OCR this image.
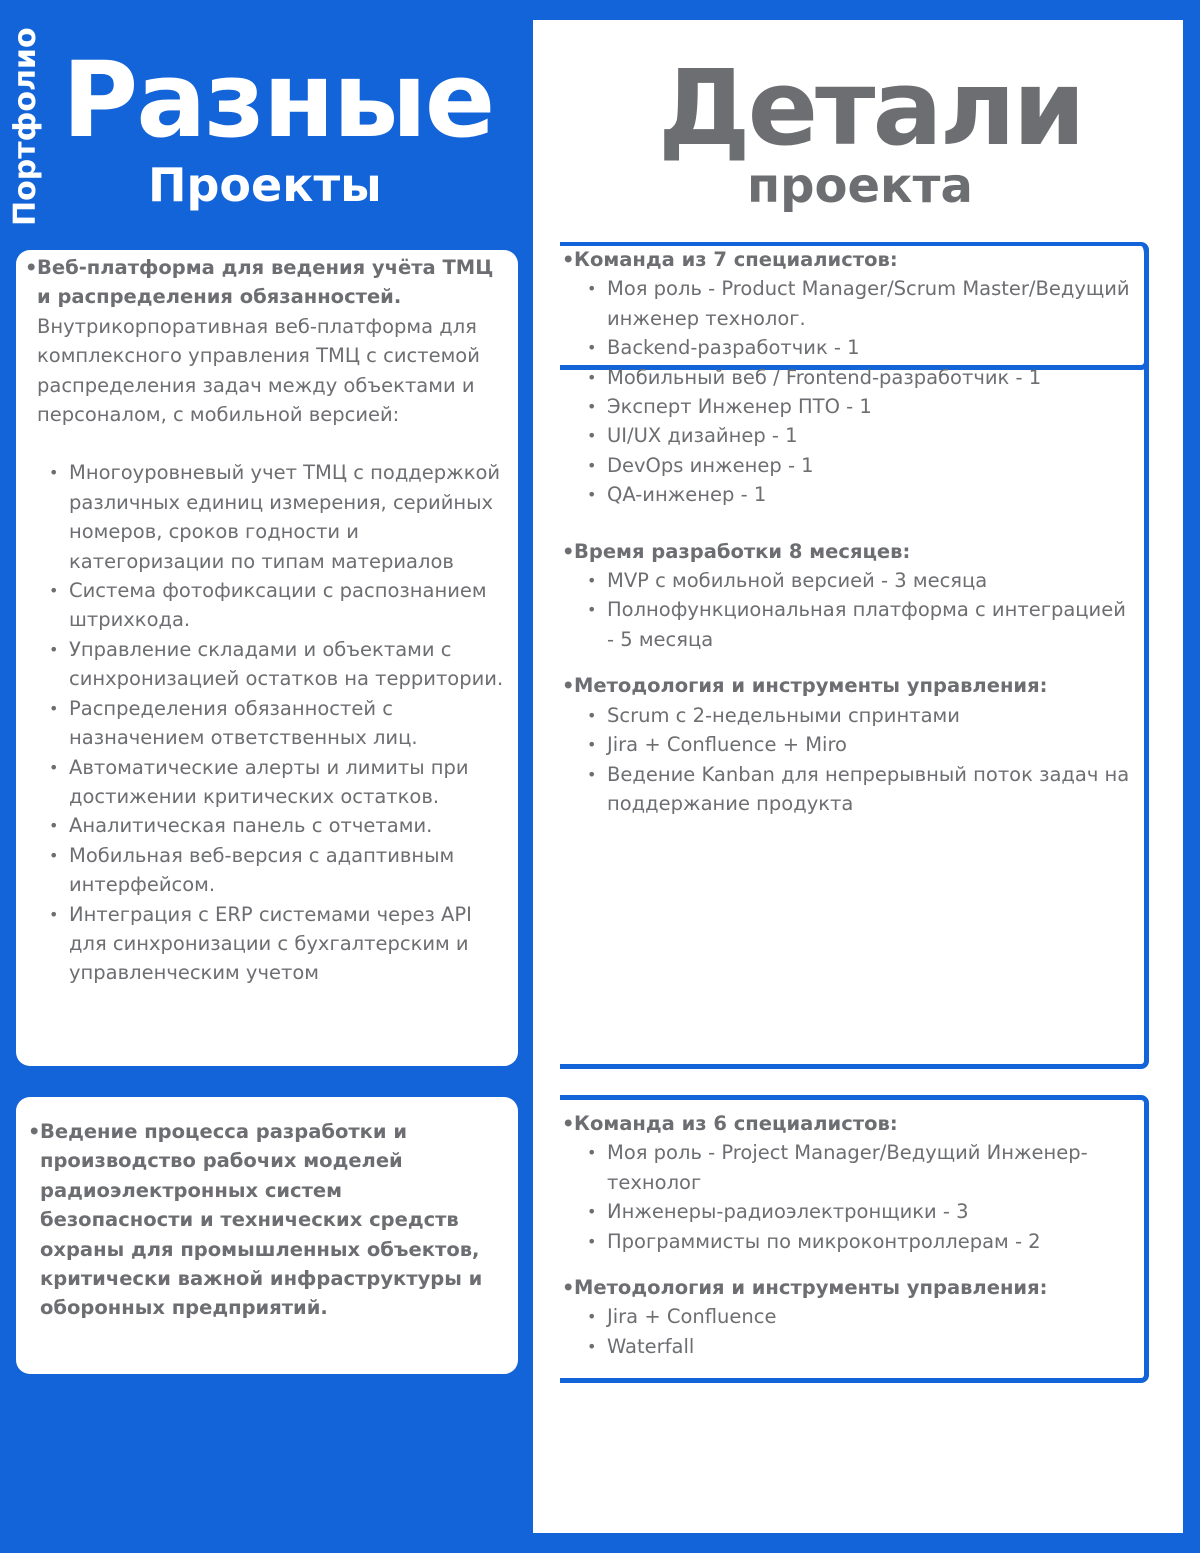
Портфолио Разные
Проекты
Детали
проекта
• Веб-платформа для ведения учёта ТМЦ и распределения обязанностей.
Внутрикорпоративная веб-платформа для комплексного управления ТМЦ с системой распределения задач между объектами и персоналом, с мобильной версией:
• Многоуровневый учет ТМЦ с поддержкой различных единиц измерения, серийных номеров, сроков годности и категоризации по типам материалов
• Система фотофиксации с распознанием штрихкода.
• Управление складами и объектами с синхронизацией остатков на территории.
• Распределения обязанностей с назначением ответственных лиц.
• Автоматические алерты и лимиты при достижении критических остатков.
• Аналитическая панель с отчетами.
• Мобильная веб-версия с адаптивным интерфейсом.
• Интеграция с ERP системами через API для синхронизации с бухгалтерским и управленческим учетом
• Ведение процесса разработки и производство рабочих моделей радиоэлектронных систем безопасности и технических средств охраны для промышленных объектов, критически важной инфраструктуры и оборонных предприятий.
• Команда из 7 специалистов:
• Моя роль - Product Manager/Scrum Master/Ведущий инженер технолог.
• Backend-разработчик - 1
• Мобильный веб / Frontend-разработчик - 1
• Эксперт Инженер ПТО - 1
• UI/UX дизайнер - 1
• DevOps инженер - 1
• QA-инженер - 1
• Время разработки 8 месяцев:
• MVP с мобильной версией - 3 месяца
• Полнофункциональная платформа с интеграцией - 5 месяца
• Методология и инструменты управления:
• Scrum с 2-недельными спринтами
• Jira + Confluence + Miro
• Ведение Kanban для непрерывный поток задач на поддержание продукта
• Команда из 6 специалистов:
• Моя роль - Project Manager/Ведущий Инженер-технолог
• Инженеры-радиоэлектронщики - 3
• Программисты по микроконтроллерам - 2
• Методология и инструменты управления:
• Jira + Confluence
• Waterfall
